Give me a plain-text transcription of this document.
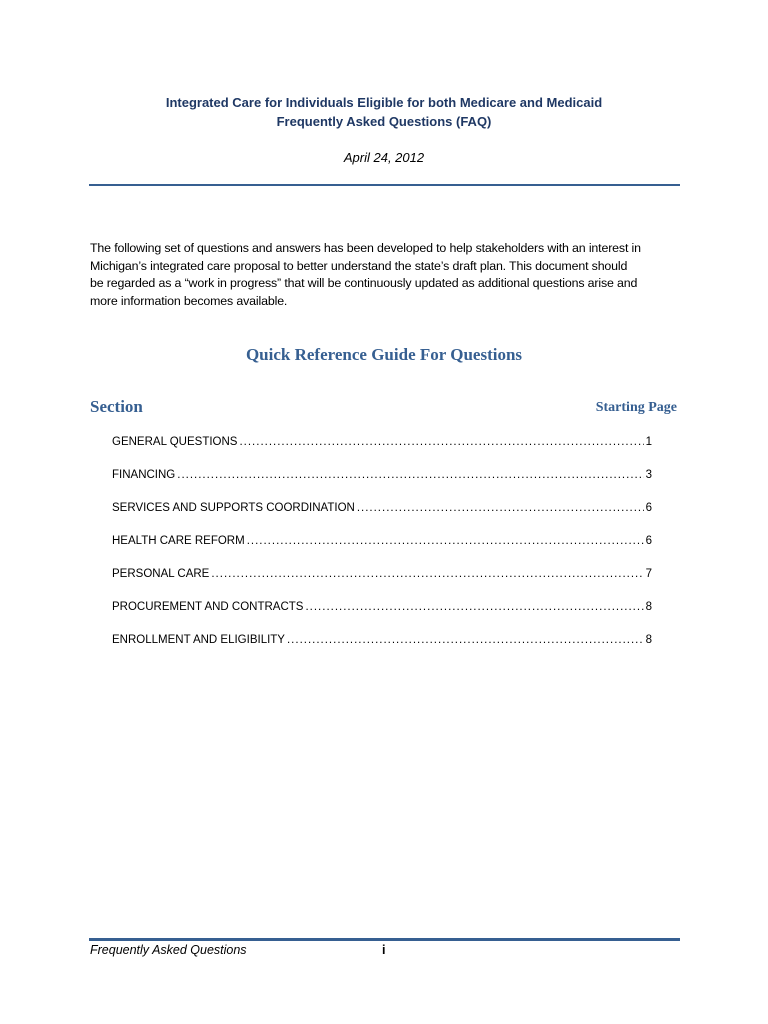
Integrated Care for Individuals Eligible for both Medicare and Medicaid
Frequently Asked Questions (FAQ)
April 24, 2012

The following set of questions and answers has been developed to help stakeholders with an interest in

Michigan’s integrated care proposal to better understand the state’s draft plan. This document should

be regarded as a “work in progress” that will be continuously updated as additional questions arise and

more information becomes available.

Quick Reference Guide For Questions
Section	Starting Page
GENERAL QUESTIONS .....	1
FINANCING .....	3
SERVICES AND SUPPORTS COORDINATION .....	6
HEALTH CARE REFORM .....	6
PERSONAL CARE .....	7
PROCUREMENT AND CONTRACTS .....	8
ENROLLMENT AND ELIGIBILITY .....	8
Frequently Asked Questions	i
